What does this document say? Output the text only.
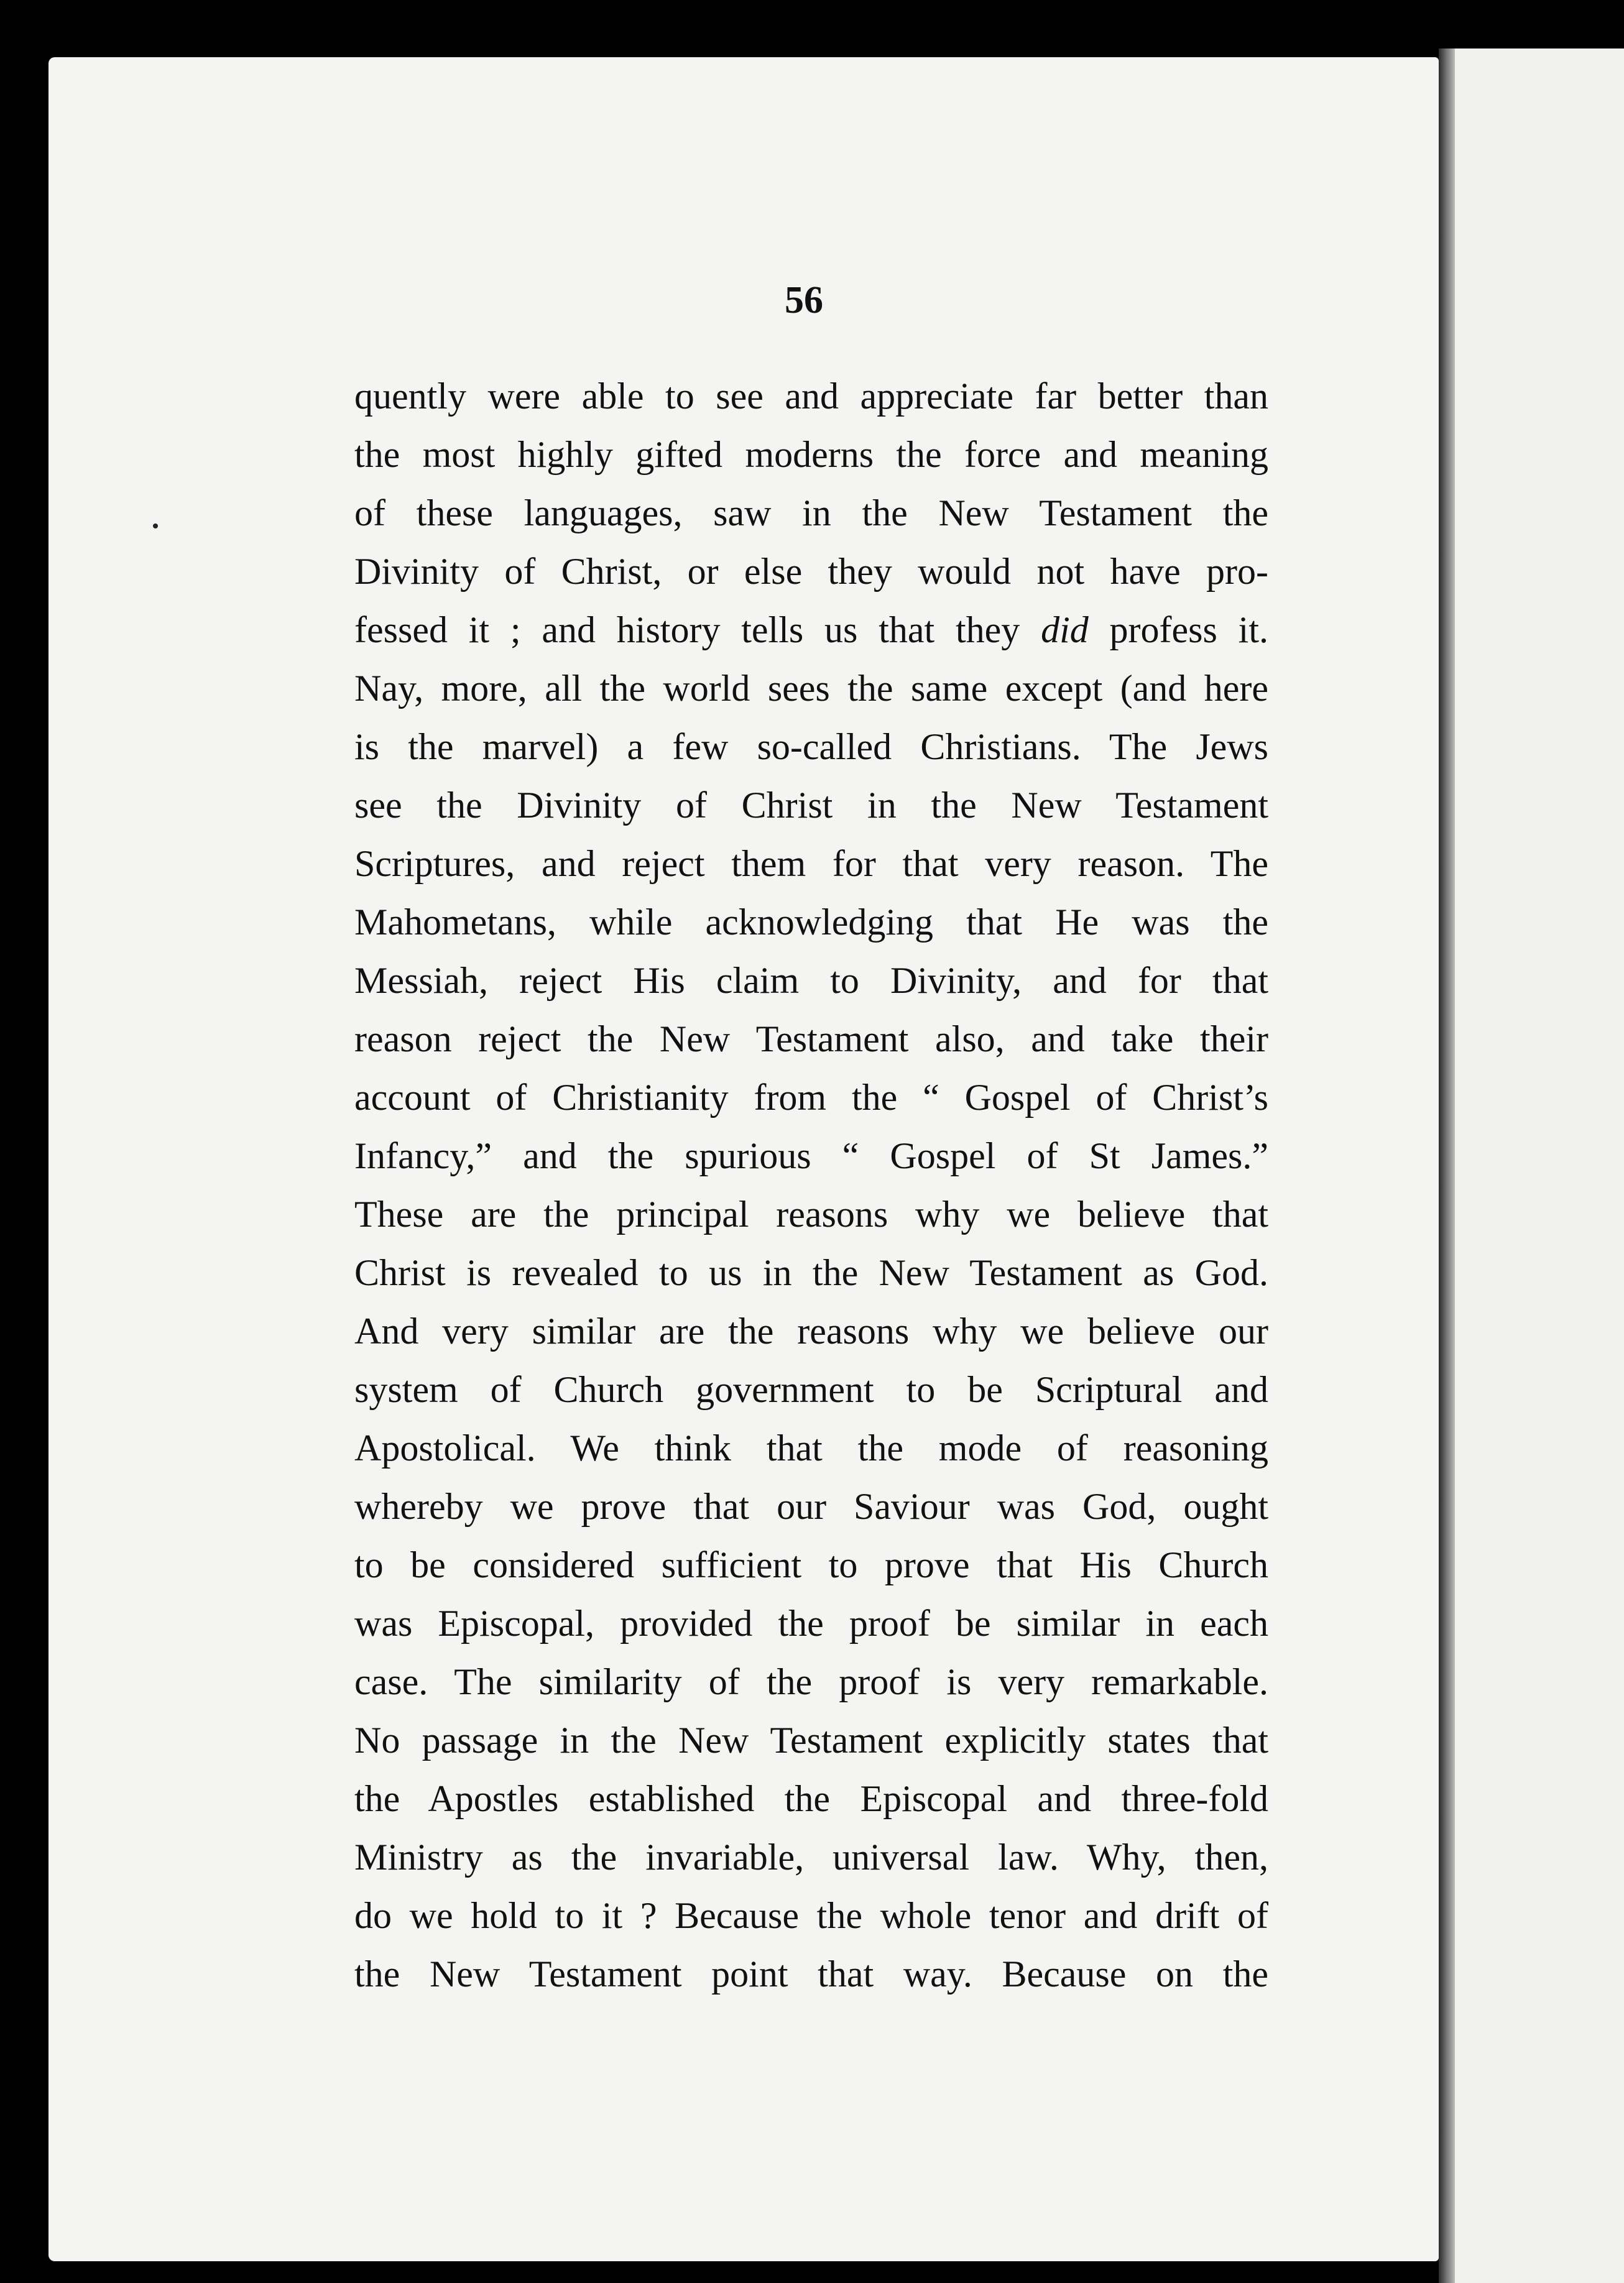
56
quently were able to see and appreciate far better than
the most highly gifted moderns the force and meaning
of these languages, saw in the New Testament the
Divinity of Christ, or else they would not have pro-
fessed it ; and history tells us that they did profess it.
Nay, more, all the world sees the same except (and here
is the marvel) a few so-called Christians. The Jews
see the Divinity of Christ in the New Testament
Scriptures, and reject them for that very reason. The
Mahometans, while acknowledging that He was the
Messiah, reject His claim to Divinity, and for that
reason reject the New Testament also, and take their
account of Christianity from the “ Gospel of Christ’s
Infancy,” and the spurious “ Gospel of St James.”
These are the principal reasons why we believe that
Christ is revealed to us in the New Testament as God.
And very similar are the reasons why we believe our
system of Church government to be Scriptural and
Apostolical. We think that the mode of reasoning
whereby we prove that our Saviour was God, ought
to be considered sufficient to prove that His Church
was Episcopal, provided the proof be similar in each
case. The similarity of the proof is very remarkable.
No passage in the New Testament explicitly states that
the Apostles established the Episcopal and three-fold
Ministry as the invariable, universal law. Why, then,
do we hold to it ? Because the whole tenor and drift of
the New Testament point that way. Because on the
